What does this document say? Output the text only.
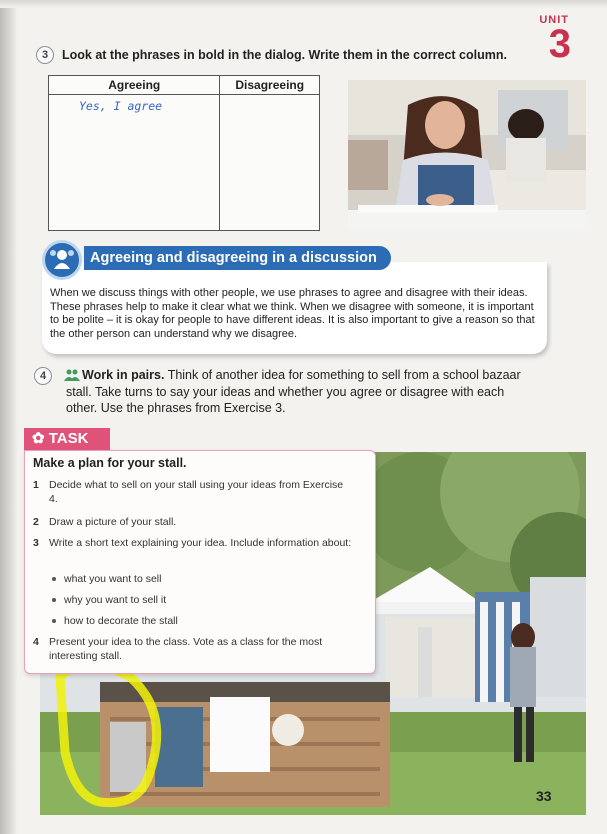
UNIT
3
3	Look at the phrases in bold in the dialog. Write them in the correct column.
Agreeing	Disagreeing

Yes, I agree	

Agreeing and disagreeing in a discussion
When we discuss things with other people, we use phrases to agree and disagree with their ideas. These phrases help to make it clear what we think. When we disagree with someone, it is important to be polite – it is okay for people to have different ideas. It is also important to give a reason so that the other person can understand why we disagree.
4	Work in pairs. Think of another idea for something to sell from a school bazaar stall. Take turns to say your ideas and whether you agree or disagree with each other. Use the phrases from Exercise 3.
✿ TASK
Make a plan for your stall.
1 Decide what to sell on your stall using your ideas from Exercise 4.
2 Draw a picture of your stall.
3 Write a short text explaining your idea. Include information about:
what you want to sell
why you want to sell it
how to decorate the stall
4 Present your idea to the class. Vote as a class for the most interesting stall.
33
